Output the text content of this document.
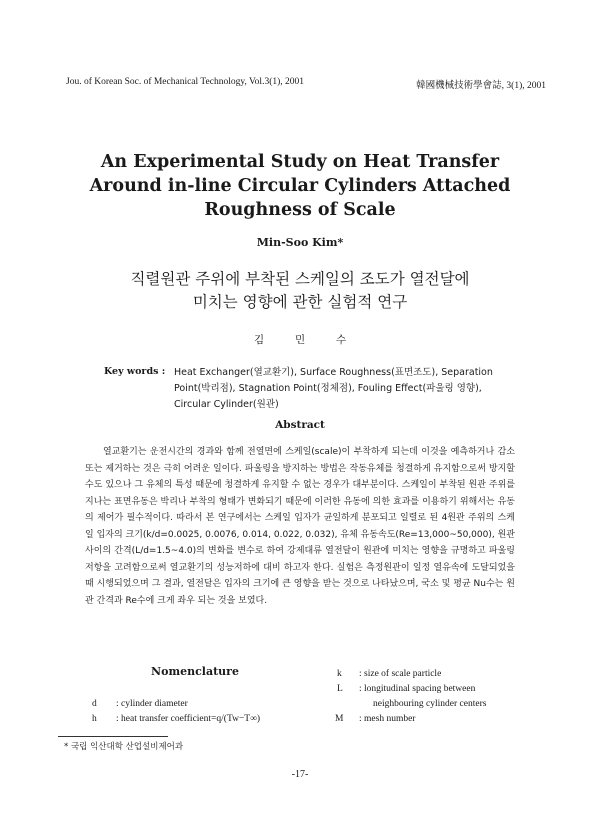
Jou. of Korean Soc. of Mechanical Technology, Vol.3(1), 2001	韓國機械技術學會誌, 3(1), 2001
An Experimental Study on Heat Transfer
Around in-line Circular Cylinders Attached
Roughness of Scale
Min-Soo Kim*
직렬원관 주위에 부착된 스케일의 조도가 열전달에
미치는 영향에 관한 실험적 연구
김	민	수
Key words : Heat Exchanger(열교환기), Surface Roughness(표면조도), Separation
Point(박리점), Stagnation Point(정체점), Fouling Effect(파울링 영향),
Circular Cylinder(원관)
Abstract
열교환기는 운전시간의 경과와 함께 전열면에 스케일(scale)이 부착하게 되는데 이것을 예측하거나 감소 또는 제거하는 것은 극히 어려운 일이다. 파울링을 방지하는 방법은 작동유체를 청결하게 유지함으로써 방지할 수도 있으나 그 유체의 특성 때문에 청결하게 유지할 수 없는 경우가 대부분이다. 스케일이 부착된 원관 주위를 지나는 표면유동은 박리나 부착의 형태가 변화되기 때문에 이러한 유동에 의한 효과를 이용하기 위해서는 유동의 제어가 필수적이다. 따라서 본 연구에서는 스케일 입자가 균일하게 분포되고 일렬로 된 4원관 주위의 스케일 입자의 크기(k/d=0.0025, 0.0076, 0.014, 0.022, 0.032), 유체 유동속도(Re=13,000~50,000), 원관 사이의 간격(L/d=1.5~4.0)의 변화를 변수로 하여 강제대류 열전달이 원관에 미치는 영향을 규명하고 파울링 저항을 고려함으로써 열교환기의 성능저하에 대비 하고자 한다. 실험은 측정원관이 일정 열유속에 도달되었을 때 시행되었으며 그 결과, 열전달은 입자의 크기에 큰 영향을 받는 것으로 나타났으며, 국소 및 평균 Nu수는 원관 간격과 Re수에 크게 좌우 되는 것을 보였다.
Nomenclature
d	: cylinder diameter
h	: heat transfer coefficient=q/(Tw−T∞)
k	: size of scale particle
L	: longitudinal spacing between
neighbouring cylinder centers
M	: mesh number
* 국립 익산대학 산업설비제어과
-17-
